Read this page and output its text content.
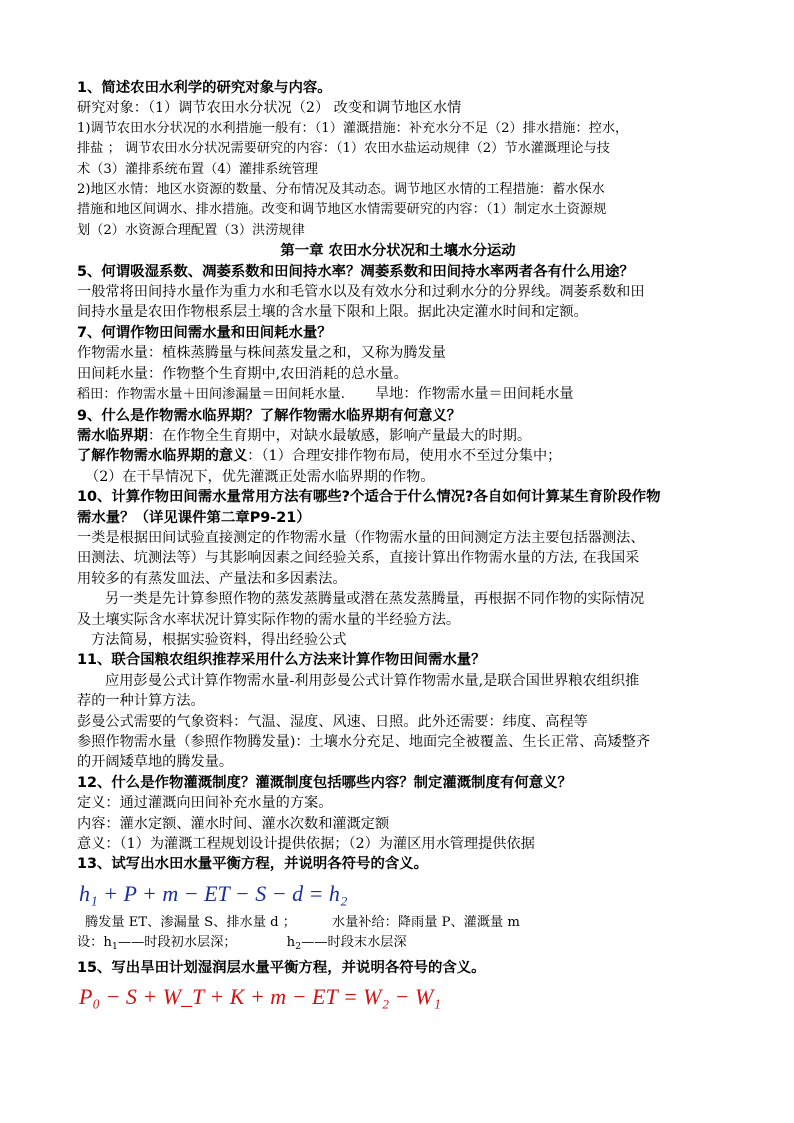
1、简述农田水利学的研究对象与内容。
研究对象：（1）调节农田水分状况（2） 改变和调节地区水情
1)调节农田水分状况的水利措施一般有：（1）灌溉措施：补充水分不足（2）排水措施：控水，
排盐 ； 调节农田水分状况需要研究的内容：（1）农田水盐运动规律（2）节水灌溉理论与技
术（3）灌排系统布置（4）灌排系统管理
2)地区水情：地区水资源的数量、分布情况及其动态。调节地区水情的工程措施：蓄水保水
措施和地区间调水、排水措施。改变和调节地区水情需要研究的内容：（1）制定水土资源规
划（2）水资源合理配置（3）洪涝规律
第一章 农田水分状况和土壤水分运动
5、何谓吸湿系数、凋萎系数和田间持水率？凋萎系数和田间持水率两者各有什么用途？
一般常将田间持水量作为重力水和毛管水以及有效水分和过剩水分的分界线。凋萎系数和田
间持水量是农田作物根系层土壤的含水量下限和上限。据此决定灌水时间和定额。
7、何谓作物田间需水量和田间耗水量？
作物需水量：植株蒸腾量与株间蒸发量之和，又称为腾发量
田间耗水量：作物整个生育期中,农田消耗的总水量。
稻田：作物需水量＋田间渗漏量＝田间耗水量. 旱地：作物需水量＝田间耗水量
9、什么是作物需水临界期？了解作物需水临界期有何意义？
需水临界期：在作物全生育期中，对缺水最敏感，影响产量最大的时期。
了解作物需水临界期的意义：（1）合理安排作物布局，使用水不至过分集中；
（2）在干旱情况下，优先灌溉正处需水临界期的作物。
10、计算作物田间需水量常用方法有哪些?个适合于什么情况?各自如何计算某生育阶段作物
需水量？（详见课件第二章P9-21）
一类是根据田间试验直接测定的作物需水量（作物需水量的田间测定方法主要包括器测法、
田测法、坑测法等）与其影响因素之间经验关系，直接计算出作物需水量的方法, 在我国采
用较多的有蒸发皿法、产量法和多因素法。
另一类是先计算参照作物的蒸发蒸腾量或潜在蒸发蒸腾量，再根据不同作物的实际情况
及土壤实际含水率状况计算实际作物的需水量的半经验方法。
方法简易，根据实验资料，得出经验公式
11、联合国粮农组织推荐采用什么方法来计算作物田间需水量？
应用彭曼公式计算作物需水量-利用彭曼公式计算作物需水量,是联合国世界粮农组织推
荐的一种计算方法。
彭曼公式需要的气象资料：气温、湿度、风速、日照。此外还需要：纬度、高程等
参照作物需水量（参照作物腾发量)：土壤水分充足、地面完全被覆盖、生长正常、高矮整齐
的开阔矮草地的腾发量。
12、什么是作物灌溉制度？灌溉制度包括哪些内容？制定灌溉制度有何意义？
定义：通过灌溉向田间补充水量的方案。
内容：灌水定额、灌水时间、灌水次数和灌溉定额
意义：（1）为灌溉工程规划设计提供依据；（2）为灌区用水管理提供依据
13、试写出水田水量平衡方程，并说明各符号的含义。
h₁ + P + m − ET − S − d = h₂
腾发量 ET、渗漏量 S、排水量 d ；	水量补给：降雨量 P、灌溉量 m
设：$h_1——$时段初水层深；	$h_2——$时段末水层深
15、写出旱田计划湿润层水量平衡方程，并说明各符号的含义。
P₀ − S + W_T + K + m − ET = W₂ − W₁
